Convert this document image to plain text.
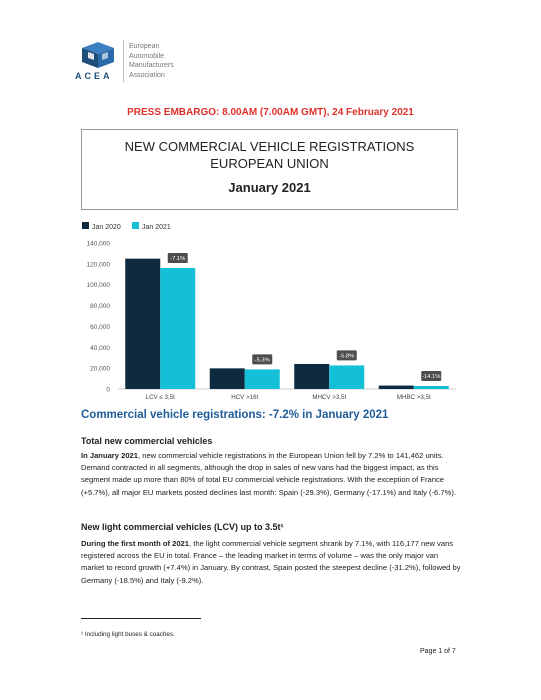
ACEA
European
Automobile
Manufacturers
Association
PRESS EMBARGO: 8.00AM (7.00AM GMT), 24 February 2021
NEW COMMERCIAL VEHICLE REGISTRATIONS
EUROPEAN UNION
January 2021
Jan 2020	Jan 2021
0
20,000
40,000
60,000
80,000
100,000
120,000
140,000
-7.1%
LCV ≤ 3,5t
-5.3%
HCV >16t
-5.8%
MHCV >3,5t
-14.1%
MHBC >3,5t
Commercial vehicle registrations: -7.2% in January 2021
Total new commercial vehicles
In January 2021, new commercial vehicle registrations in the European Union fell by 7.2% to 141,462 units. Demand contracted in all segments, although the drop in sales of new vans had the biggest impact, as this segment made up more than 80% of total EU commercial vehicle registrations. With the exception of France (+5.7%), all major EU markets posted declines last month: Spain (-29.3%), Germany (-17.1%) and Italy (-6.7%).
New light commercial vehicles (LCV) up to 3.5t¹
During the first month of 2021, the light commercial vehicle segment shrank by 7.1%, with 116,177 new vans registered across the EU in total. France – the leading market in terms of volume – was the only major van market to record growth (+7.4%) in January. By contrast, Spain posted the steepest decline (-31.2%), followed by Germany (-18.5%) and Italy (-9.2%).
¹ Including light buses & coaches.
Page 1 of 7
